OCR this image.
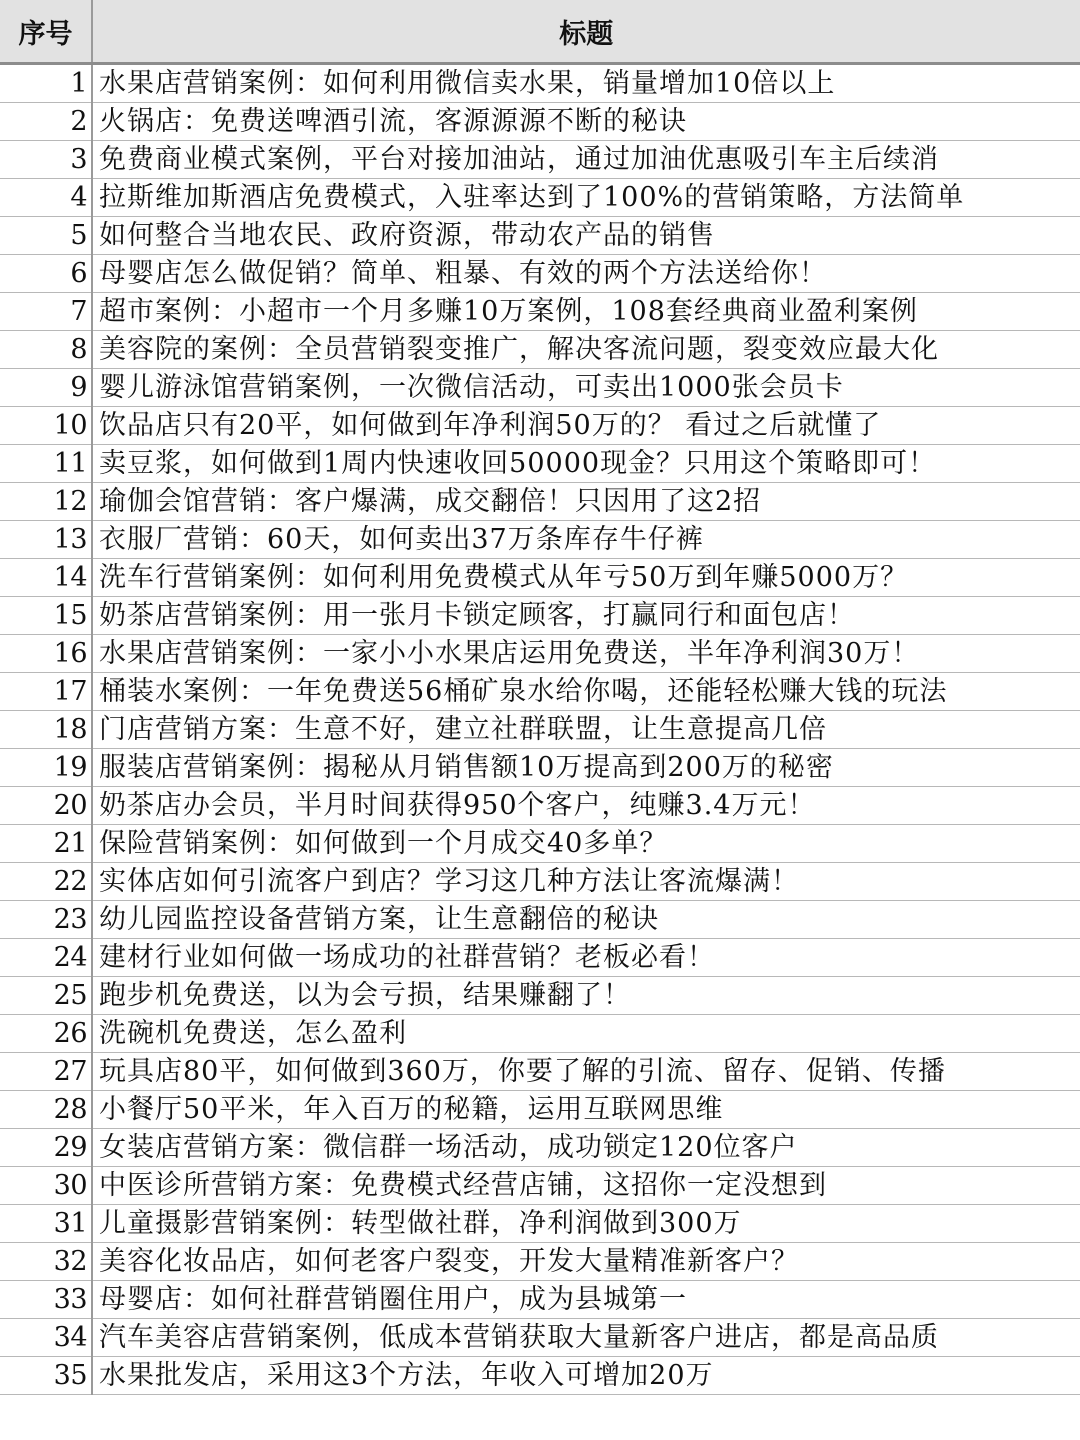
序号	标题
1	水果店营销案例：如何利用微信卖水果，销量增加10倍以上
2	火锅店：免费送啤酒引流，客源源源不断的秘诀
3	免费商业模式案例，平台对接加油站，通过加油优惠吸引车主后续消
4	拉斯维加斯酒店免费模式，入驻率达到了100%的营销策略，方法简单
5	如何整合当地农民、政府资源，带动农产品的销售
6	母婴店怎么做促销？简单、粗暴、有效的两个方法送给你！
7	超市案例：小超市一个月多赚10万案例，108套经典商业盈利案例
8	美容院的案例：全员营销裂变推广，解决客流问题，裂变效应最大化
9	婴儿游泳馆营销案例，一次微信活动，可卖出1000张会员卡
10	饮品店只有20平，如何做到年净利润50万的？ 看过之后就懂了
11	卖豆浆，如何做到1周内快速收回50000现金？只用这个策略即可！
12	瑜伽会馆营销：客户爆满，成交翻倍！只因用了这2招
13	衣服厂营销：60天，如何卖出37万条库存牛仔裤
14	洗车行营销案例：如何利用免费模式从年亏50万到年赚5000万？
15	奶茶店营销案例：用一张月卡锁定顾客，打赢同行和面包店！
16	水果店营销案例：一家小小水果店运用免费送，半年净利润30万！
17	桶装水案例：一年免费送56桶矿泉水给你喝，还能轻松赚大钱的玩法
18	门店营销方案：生意不好，建立社群联盟，让生意提高几倍
19	服装店营销案例：揭秘从月销售额10万提高到200万的秘密
20	奶茶店办会员，半月时间获得950个客户，纯赚3.4万元！
21	保险营销案例：如何做到一个月成交40多单？
22	实体店如何引流客户到店？学习这几种方法让客流爆满！
23	幼儿园监控设备营销方案，让生意翻倍的秘诀
24	建材行业如何做一场成功的社群营销？老板必看！
25	跑步机免费送，以为会亏损，结果赚翻了！
26	洗碗机免费送，怎么盈利
27	玩具店80平，如何做到360万，你要了解的引流、留存、促销、传播
28	小餐厅50平米，年入百万的秘籍，运用互联网思维
29	女装店营销方案：微信群一场活动，成功锁定120位客户
30	中医诊所营销方案：免费模式经营店铺，这招你一定没想到
31	儿童摄影营销案例：转型做社群，净利润做到300万
32	美容化妆品店，如何老客户裂变，开发大量精准新客户？
33	母婴店：如何社群营销圈住用户，成为县城第一
34	汽车美容店营销案例，低成本营销获取大量新客户进店，都是高品质
35	水果批发店，采用这3个方法，年收入可增加20万
